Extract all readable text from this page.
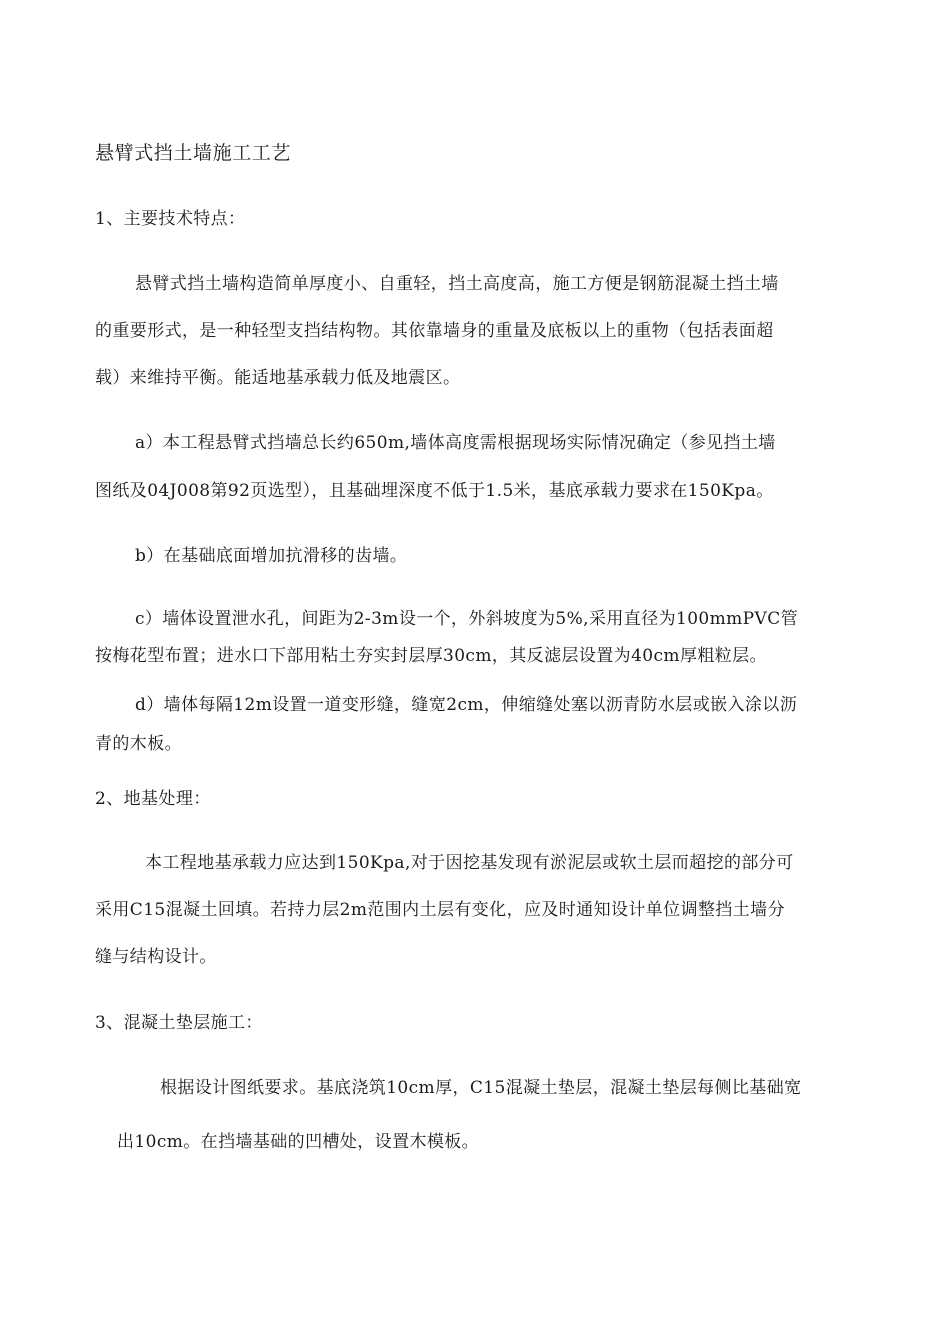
悬臂式挡土墙施工工艺
1、主要技术特点：
悬臂式挡土墙构造简单厚度小、自重轻，挡土高度高，施工方便是钢筋混凝土挡土墙
的重要形式，是一种轻型支挡结构物。其依靠墙身的重量及底板以上的重物（包括表面超
载）来维持平衡。能适地基承载力低及地震区。
a）本工程悬臂式挡墙总长约650m,墙体高度需根据现场实际情况确定（参见挡土墙
图纸及04J008第92页选型），且基础埋深度不低于1.5米，基底承载力要求在150Kpa。
b）在基础底面增加抗滑移的齿墙。
c）墙体设置泄水孔，间距为2-3m设一个，外斜坡度为5%,采用直径为100mmPVC管
按梅花型布置；进水口下部用粘土夯实封层厚30cm，其反滤层设置为40cm厚粗粒层。
d）墙体每隔12m设置一道变形缝，缝宽2cm，伸缩缝处塞以沥青防水层或嵌入涂以沥
青的木板。
2、地基处理：
本工程地基承载力应达到150Kpa,对于因挖基发现有淤泥层或软土层而超挖的部分可
采用C15混凝土回填。若持力层2m范围内土层有变化，应及时通知设计单位调整挡土墙分
缝与结构设计。
3、混凝土垫层施工：
根据设计图纸要求。基底浇筑10cm厚，C15混凝土垫层，混凝土垫层每侧比基础宽
出10cm。在挡墙基础的凹槽处，设置木模板。
